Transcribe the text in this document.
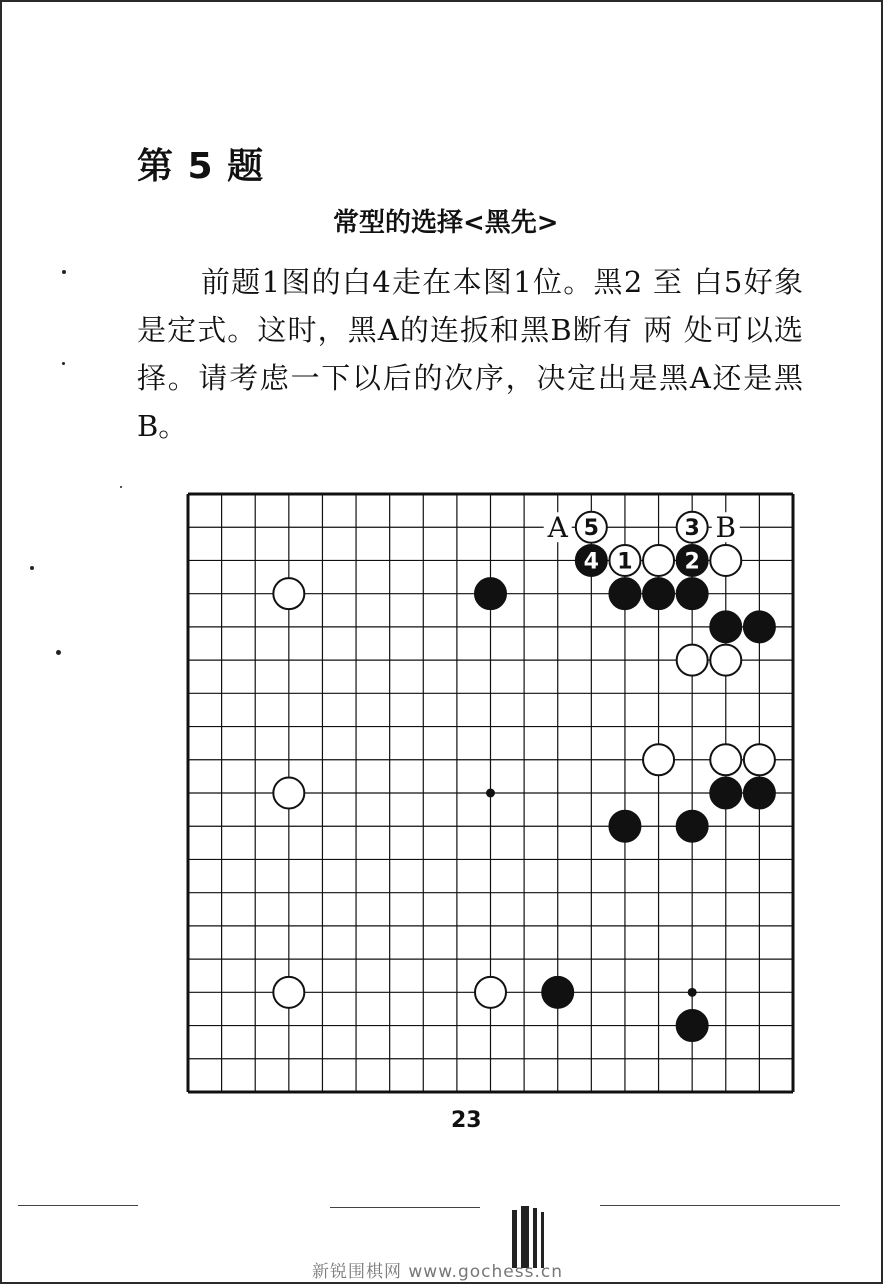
第 5 题
常型的选择<黑先>
前题1图的白4走在本图1位。黑2 至 白5好象是定式。这时，黑A的连扳和黑B断有 两 处可以选择。请考虑一下以后的次序，决定出是黑A还是黑B。
4 1 2
5	3
A	B
23
新锐围棋网 www.gochess.cn
